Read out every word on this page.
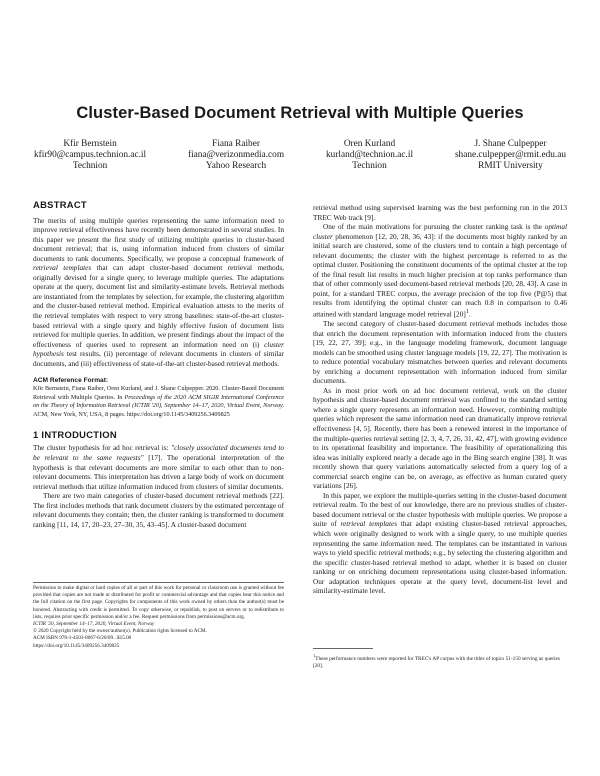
Cluster-Based Document Retrieval with Multiple Queries
Kfir Bernstein
kfir90@campus.technion.ac.il
Technion
Fiana Raiber
fiana@verizonmedia.com
Yahoo Research
Oren Kurland
kurland@technion.ac.il
Technion
J. Shane Culpepper
shane.culpepper@rmit.edu.au
RMIT University
ABSTRACT

The merits of using multiple queries representing the same information need to improve retrieval effectiveness have recently been demonstrated in several studies. In this paper we present the first study of utilizing multiple queries in cluster-based document retrieval; that is, using information induced from clusters of similar documents to rank documents. Specifically, we propose a conceptual framework of retrieval templates that can adapt cluster-based document retrieval methods, originally devised for a single query, to leverage multiple queries. The adaptations operate at the query, document list and similarity-estimate levels. Retrieval methods are instantiated from the templates by selection, for example, the clustering algorithm and the cluster-based retrieval method. Empirical evaluation attests to the merits of the retrieval templates with respect to very strong baselines: state-of-the-art cluster-based retrieval with a single query and highly effective fusion of document lists retrieved for multiple queries. In addition, we present findings about the impact of the effectiveness of queries used to represent an information need on (i) cluster hypothesis test results, (ii) percentage of relevant documents in clusters of similar documents, and (iii) effectiveness of state-of-the-art cluster-based retrieval methods.

ACM Reference Format:

Kfir Bernstein, Fiana Raiber, Oren Kurland, and J. Shane Culpepper. 2020. Cluster-Based Document Retrieval with Multiple Queries. In Proceedings of the 2020 ACM SIGIR International Conference on the Theory of Information Retrieval (ICTIR '20), September 14–17, 2020, Virtual Event, Norway. ACM, New York, NY, USA, 8 pages. https://doi.org/10.1145/3409256.3409825

1 INTRODUCTION

The cluster hypothesis for ad hoc retrieval is: "closely associated documents tend to be relevant to the same requests" [17]. The operational interpretation of the hypothesis is that relevant documents are more similar to each other than to non-relevant documents. This interpretation has driven a large body of work on document retrieval methods that utilize information induced from clusters of similar documents.

There are two main categories of cluster-based document retrieval methods [22]. The first includes methods that rank document clusters by the estimated percentage of relevant documents they contain; then, the cluster ranking is transformed to document ranking [11, 14, 17, 20–23, 27–30, 35, 43–45]. A cluster-based document

Permission to make digital or hard copies of all or part of this work for personal or classroom use is granted without fee provided that copies are not made or distributed for profit or commercial advantage and that copies bear this notice and the full citation on the first page. Copyrights for components of this work owned by others than the author(s) must be honored. Abstracting with credit is permitted. To copy otherwise, or republish, to post on servers or to redistribute to lists, requires prior specific permission and/or a fee. Request permissions from permissions@acm.org.
ICTIR '20, September 14–17, 2020, Virtual Event, Norway
© 2020 Copyright held by the owner/author(s). Publication rights licensed to ACM.
ACM ISBN 978-1-4503-8067-6/20/09...$15.00
https://doi.org/10.1145/3409256.3409825

retrieval method using supervised learning was the best performing run in the 2013 TREC Web track [9].

One of the main motivations for pursuing the cluster ranking task is the optimal cluster phenomenon [12, 20, 28, 36, 43]: if the documents most highly ranked by an initial search are clustered, some of the clusters tend to contain a high percentage of relevant documents; the cluster with the highest percentage is referred to as the optimal cluster. Positioning the constituent documents of the optimal cluster at the top of the final result list results in much higher precision at top ranks performance than that of other commonly used document-based retrieval methods [20, 28, 43]. A case in point, for a standard TREC corpus, the average precision of the top five (P@5) that results from identifying the optimal cluster can reach 0.8 in comparison to 0.46 attained with standard language model retrieval $[20]^1$.

The second category of cluster-based document retrieval methods includes those that enrich the document representation with information induced from the clusters [19, 22, 27, 39]; e.g., in the language modeling framework, document language models can be smoothed using cluster language models [19, 22, 27]. The motivation is to reduce potential vocabulary mismatches between queries and relevant documents by enriching a document representation with information induced from similar documents.

As in most prior work on ad hoc document retrieval, work on the cluster hypothesis and cluster-based document retrieval was confined to the standard setting where a single query represents an information need. However, combining multiple queries which represent the same information need can dramatically improve retrieval effectiveness [4, 5]. Recently, there has been a renewed interest in the importance of the multiple-queries retrieval setting [2, 3, 4, 7, 26, 31, 42, 47], with growing evidence to its operational feasibility and importance. The feasibility of operationalizing this idea was initially explored nearly a decade ago in the Bing search engine [38]. It was recently shown that query variations automatically selected from a query log of a commercial search engine can be, on average, as effective as human curated query variations [26].

In this paper, we explore the multiple-queries setting in the cluster-based document retrieval realm. To the best of our knowledge, there are no previous studies of cluster-based document retrieval or the cluster hypothesis with multiple queries. We propose a suite of retrieval templates that adapt existing cluster-based retrieval approaches, which were originally designed to work with a single query, to use multiple queries representing the same information need. The templates can be instantiated in various ways to yield specific retrieval methods; e.g., by selecting the clustering algorithm and the specific cluster-based retrieval method to adapt, whether it is based on cluster ranking or on enriching document representations using cluster-based information. Our adaptation techniques operate at the query level, document-list level and similarity-estimate level.

$^1$These performance numbers were reported for TREC's AP corpus with the titles of topics 51-150 serving as queries [20].
